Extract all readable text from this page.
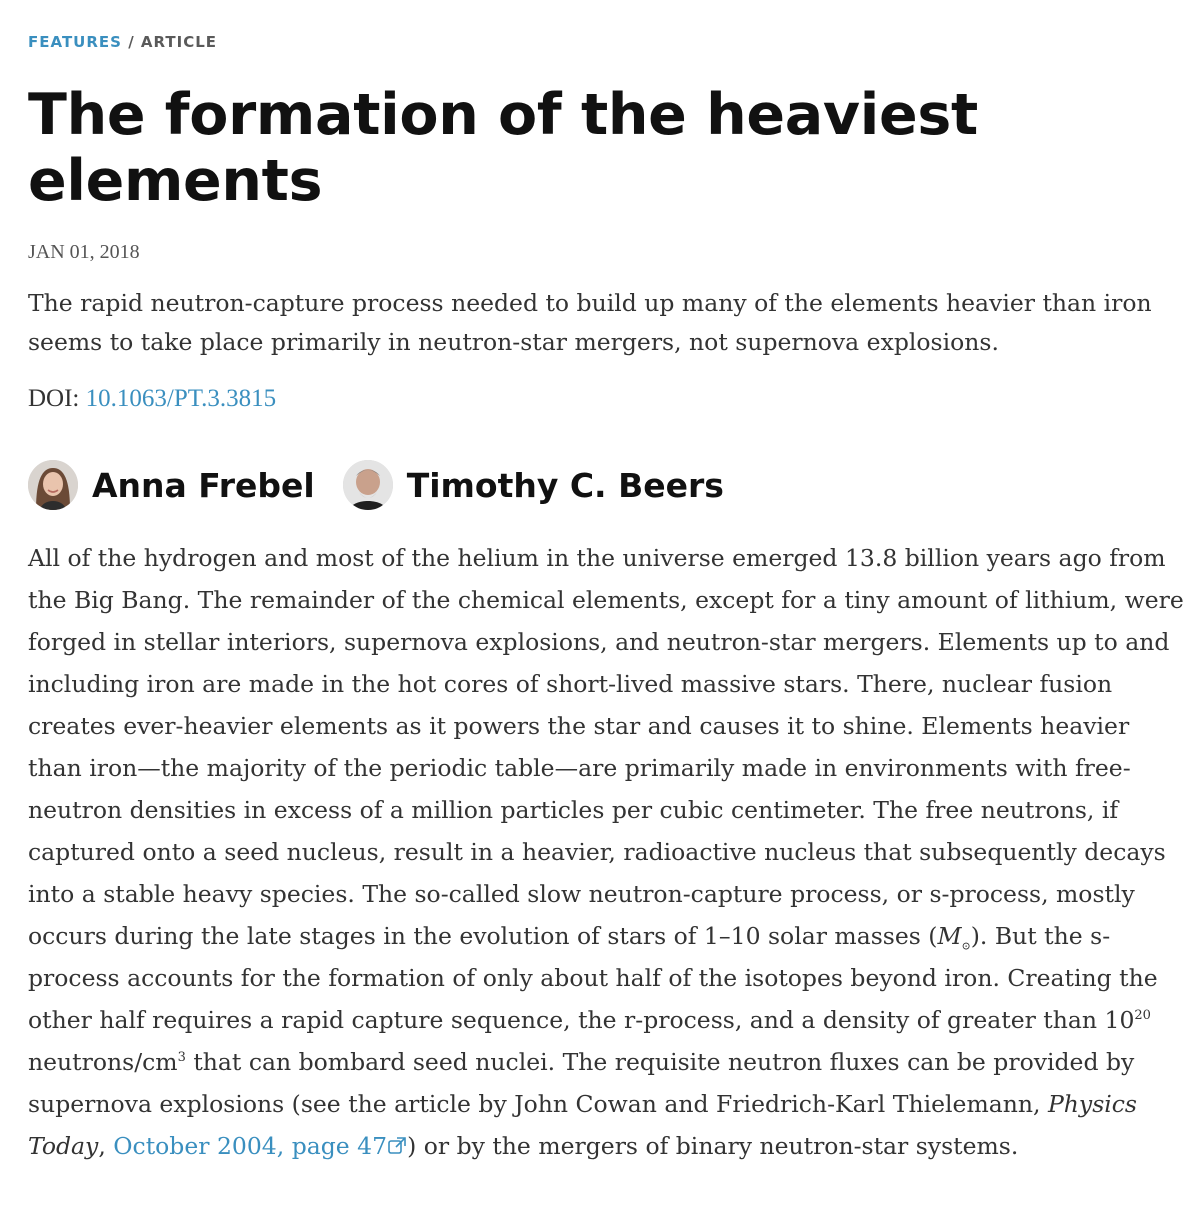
FEATURES / ARTICLE
The formation of the heaviest elements
JAN 01, 2018

The rapid neutron-capture process needed to build up many of the elements heavier than iron seems to take place primarily in neutron-star mergers, not supernova explosions.

DOI: 10.1063/PT.3.3815
Anna Frebel	Timothy C. Beers

All of the hydrogen and most of the helium in the universe emerged 13.8 billion years ago from the Big Bang. The remainder of the chemical elements, except for a tiny amount of lithium, were forged in stellar interiors, supernova explosions, and neutron-star mergers. Elements up to and including iron are made in the hot cores of short-lived massive stars. There, nuclear fusion creates ever-heavier elements as it powers the star and causes it to shine. Elements heavier than iron—the majority of the periodic table—are primarily made in environments with free-neutron densities in excess of a million particles per cubic centimeter. The free neutrons, if captured onto a seed nucleus, result in a heavier, radioactive nucleus that subsequently decays into a stable heavy species. The so-called slow neutron-capture process, or s-process, mostly occurs during the late stages in the evolution of stars of 1–10 solar masses $(M_⊙)$. But the s-process accounts for the formation of only about half of the isotopes beyond iron. Creating the other half requires a rapid capture sequence, the r-process, and a density of greater than $10^{20}$ neutrons/$cm^3$ that can bombard seed nuclei. The requisite neutron fluxes can be provided by supernova explosions (see the article by John Cowan and Friedrich-Karl Thielemann, Physics Today, October 2004, page 47 ) or by the mergers of binary neutron-star systems.
